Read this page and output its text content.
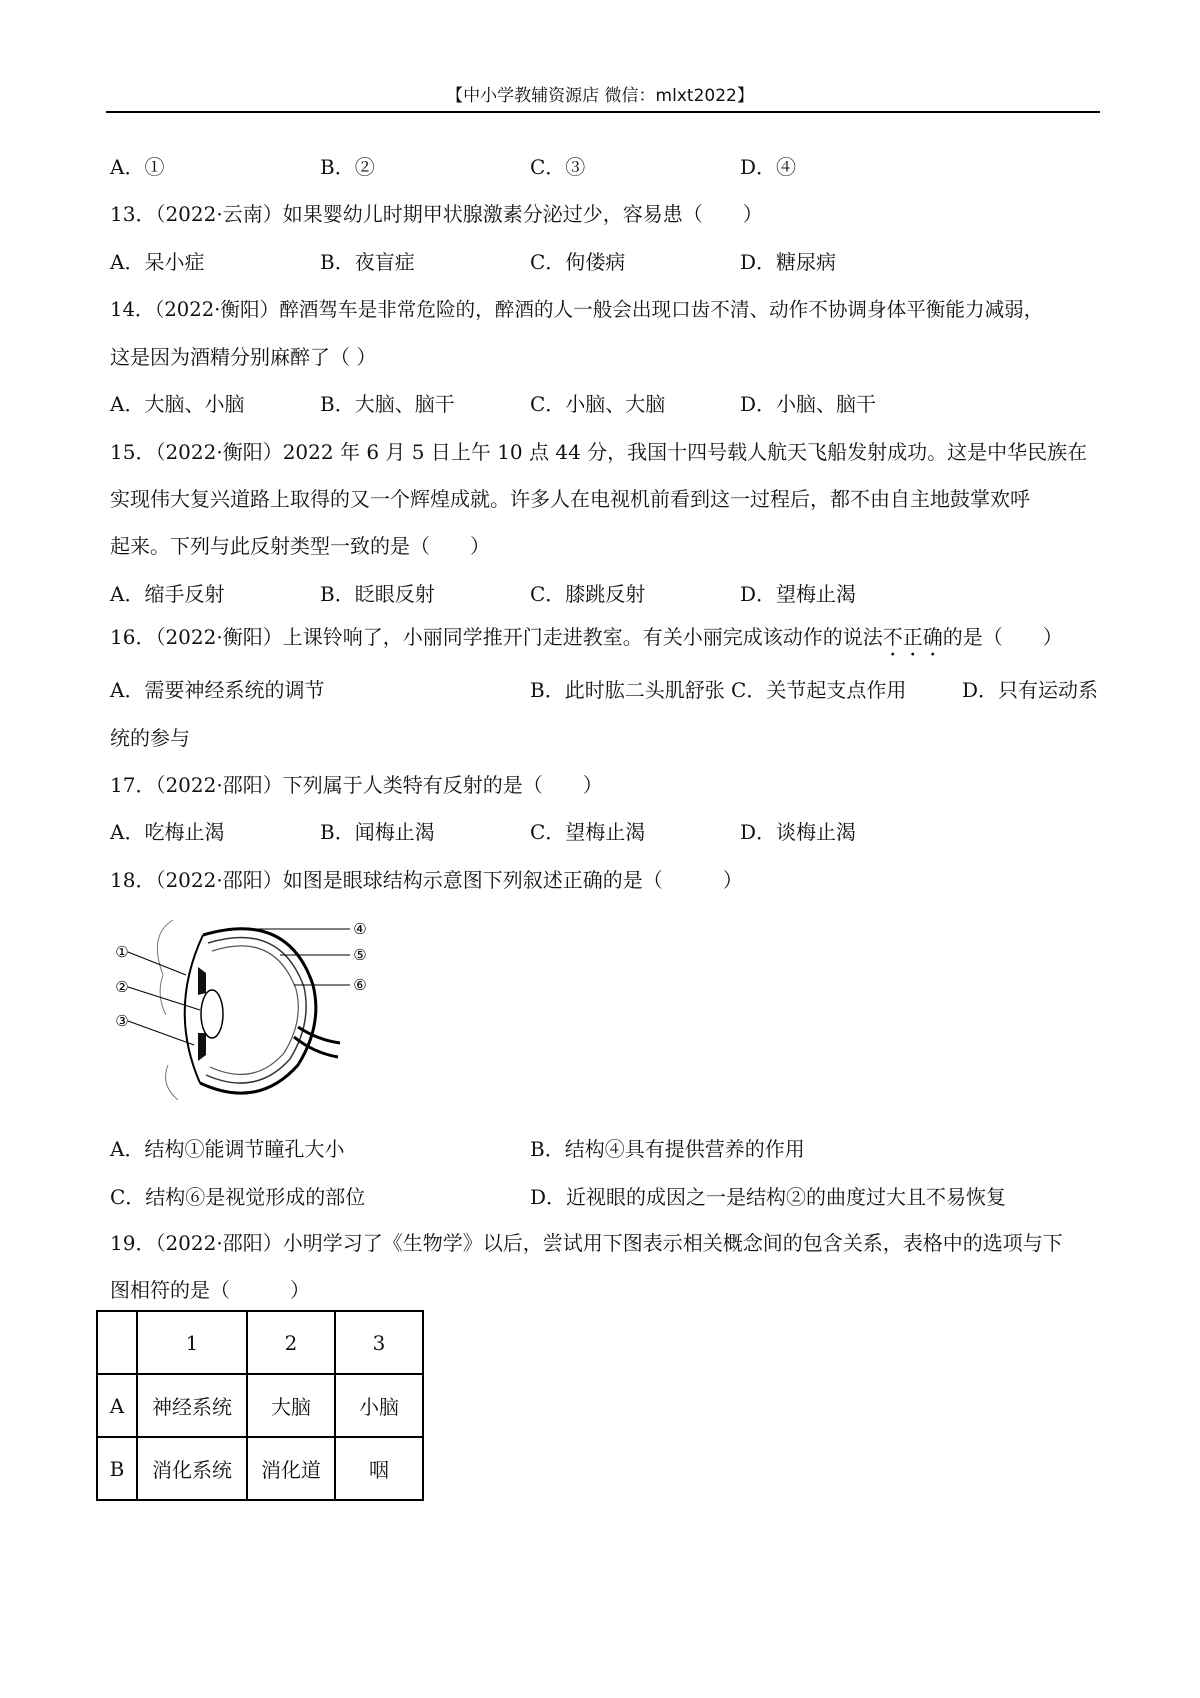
【中小学教辅资源店 微信：mlxt2022】
A．①	B．②	C．③	D．④
13．（2022·云南）如果婴幼儿时期甲状腺激素分泌过少，容易患（　　）
A．呆小症	B．夜盲症	C．佝偻病	D．糖尿病
14．（2022·衡阳）醉酒驾车是非常危险的，醉酒的人一般会出现口齿不清、动作不协调身体平衡能力减弱，
这是因为酒精分别麻醉了（ ）
A．大脑、小脑	B．大脑、脑干	C．小脑、大脑	D．小脑、脑干
15．（2022·衡阳）2022 年 6 月 5 日上午 10 点 44 分，我国十四号载人航天飞船发射成功。这是中华民族在
实现伟大复兴道路上取得的又一个辉煌成就。许多人在电视机前看到这一过程后，都不由自主地鼓掌欢呼
起来。下列与此反射类型一致的是（　　）
A．缩手反射	B．眨眼反射	C．膝跳反射	D．望梅止渴
16．（2022·衡阳）上课铃响了，小丽同学推开门走进教室。有关小丽完成该动作的说法不正确的是（　　）
A．需要神经系统的调节	B．此时肱二头肌舒张 C．关节起支点作用	D．只有运动系
统的参与
17．（2022·邵阳）下列属于人类特有反射的是（　　）
A．吃梅止渴	B．闻梅止渴	C．望梅止渴	D．谈梅止渴
18．（2022·邵阳）如图是眼球结构示意图下列叙述正确的是（　　　）
①
②
③
④
⑤
⑥
A．结构①能调节瞳孔大小	B．结构④具有提供营养的作用
C．结构⑥是视觉形成的部位	D．近视眼的成因之一是结构②的曲度过大且不易恢复
19．（2022·邵阳）小明学习了《生物学》以后，尝试用下图表示相关概念间的包含关系，表格中的选项与下
图相符的是（　　　）
	1	2	3
A	神经系统	大脑	小脑
B	消化系统	消化道	咽
